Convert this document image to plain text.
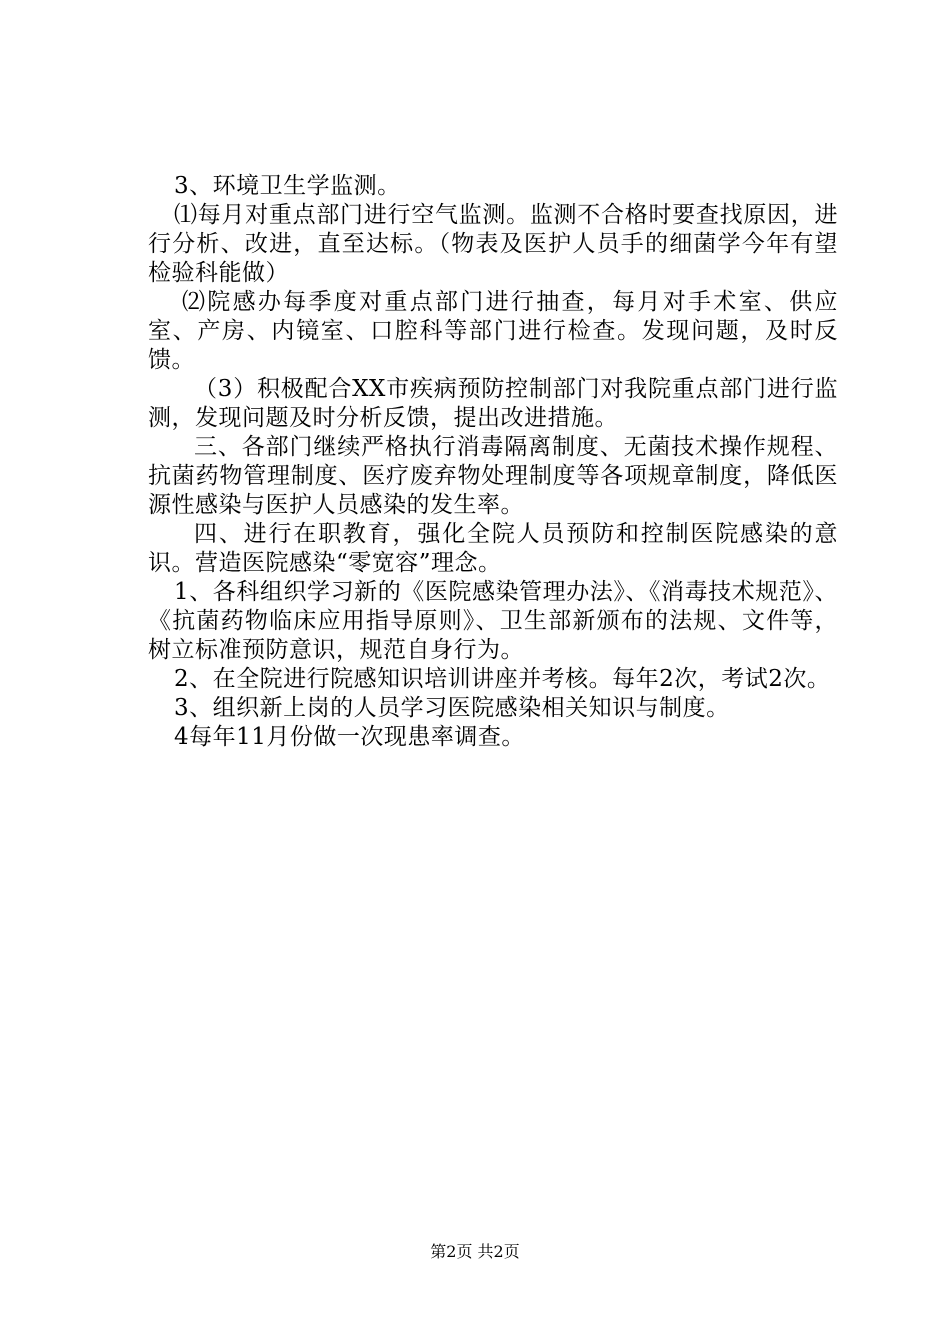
3、环境卫生学监测。

⑴每月对重点部门进行空气监测。监测不合格时要查找原因，进行分析、改进，直至达标。（物表及医护人员手的细菌学今年有望检验科能做）

⑵院感办每季度对重点部门进行抽查，每月对手术室、供应室、产房、内镜室、口腔科等部门进行检查。发现问题，及时反馈。

（3）积极配合XX市疾病预防控制部门对我院重点部门进行监测，发现问题及时分析反馈，提出改进措施。

三、各部门继续严格执行消毒隔离制度、无菌技术操作规程、抗菌药物管理制度、医疗废弃物处理制度等各项规章制度，降低医源性感染与医护人员感染的发生率。

四、进行在职教育，强化全院人员预防和控制医院感染的意识。营造医院感染“零宽容”理念。

1、各科组织学习新的《医院感染管理办法》、《消毒技术规范》、《抗菌药物临床应用指导原则》、卫生部新颁布的法规、文件等，树立标准预防意识，规范自身行为。

2、在全院进行院感知识培训讲座并考核。每年2次，考试2次。

3、组织新上岗的人员学习医院感染相关知识与制度。

4每年11月份做一次现患率调查。

第2页 共2页
